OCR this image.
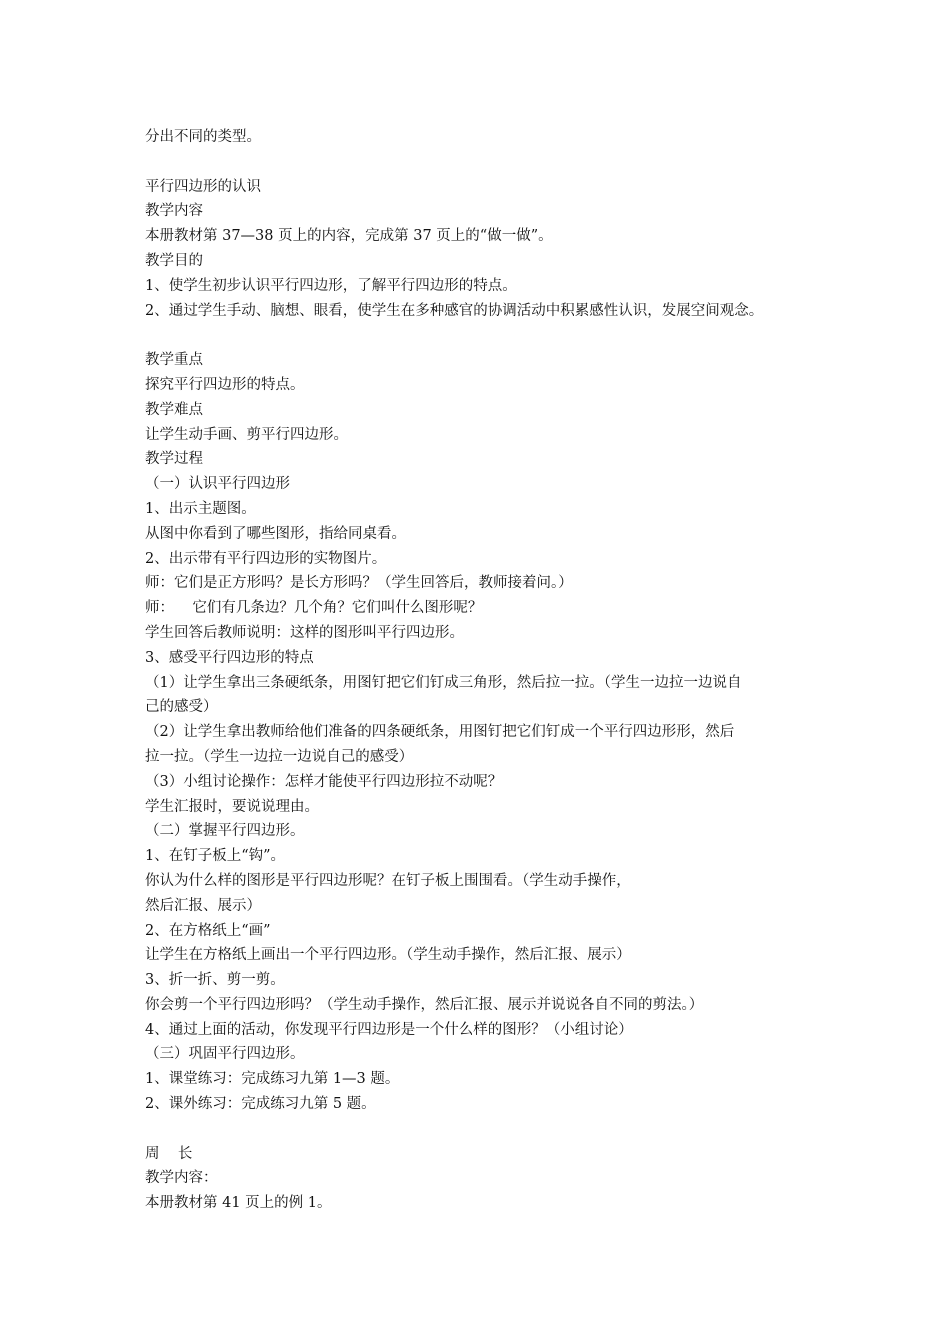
分出不同的类型。
平行四边形的认识
教学内容
本册教材第 37—38 页上的内容，完成第 37 页上的“做一做”。
教学目的
1、使学生初步认识平行四边形，了解平行四边形的特点。
2、通过学生手动、脑想、眼看，使学生在多种感官的协调活动中积累感性认识，发展空间观念。
教学重点
探究平行四边形的特点。
教学难点
让学生动手画、剪平行四边形。
教学过程
（一）认识平行四边形
1、出示主题图。
从图中你看到了哪些图形，指给同桌看。
2、出示带有平行四边形的实物图片。
师：它们是正方形吗？是长方形吗？（学生回答后，教师接着问。）
师：    它们有几条边？几个角？它们叫什么图形呢？
学生回答后教师说明：这样的图形叫平行四边形。
3、感受平行四边形的特点
（1）让学生拿出三条硬纸条，用图钉把它们钉成三角形，然后拉一拉。（学生一边拉一边说自
己的感受）
（2）让学生拿出教师给他们准备的四条硬纸条，用图钉把它们钉成一个平行四边形形，然后
拉一拉。（学生一边拉一边说自己的感受）
（3）小组讨论操作：怎样才能使平行四边形拉不动呢？
学生汇报时，要说说理由。
（二）掌握平行四边形。
1、在钉子板上“钩”。
你认为什么样的图形是平行四边形呢？在钉子板上围围看。（学生动手操作，
然后汇报、展示）
2、在方格纸上“画”
让学生在方格纸上画出一个平行四边形。（学生动手操作，然后汇报、展示）
3、折一折、剪一剪。
你会剪一个平行四边形吗？（学生动手操作，然后汇报、展示并说说各自不同的剪法。）
4、通过上面的活动，你发现平行四边形是一个什么样的图形？（小组讨论）
（三）巩固平行四边形。
1、课堂练习：完成练习九第 1—3 题。
2、课外练习：完成练习九第 5 题。
周    长
教学内容：
本册教材第 41 页上的例 1。
